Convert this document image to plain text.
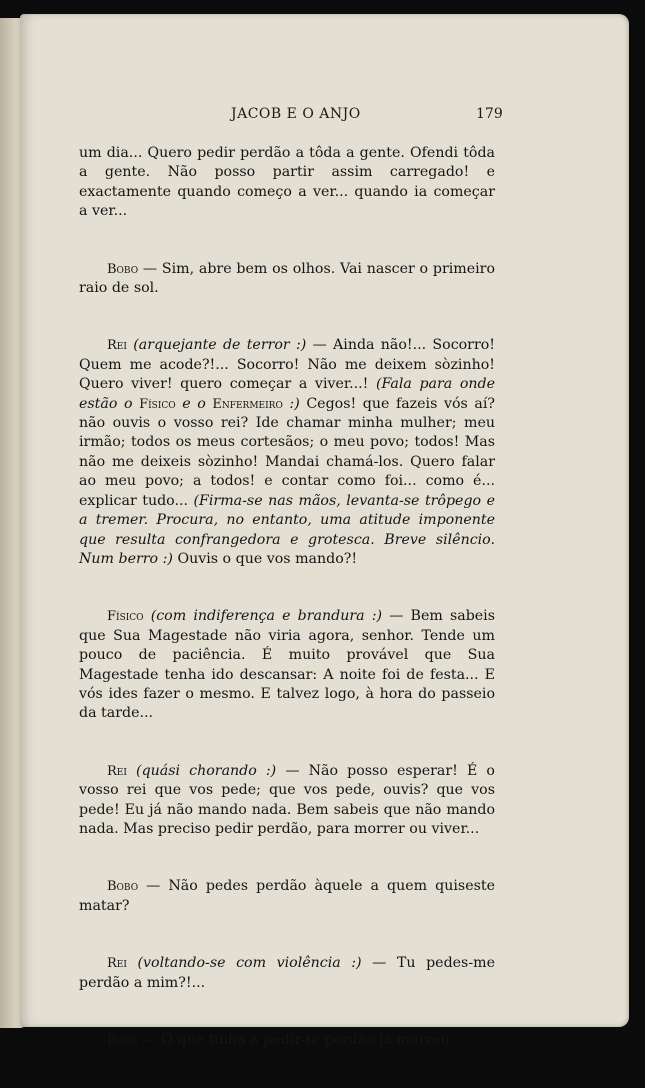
JACOB E O ANJO	179

um dia... Quero pedir perdão a tôda a gente. Ofendi tôda a gente. Não posso partir assim carregado! e exactamente quando começo a ver... quando ia começar a ver...

Bobo — Sim, abre bem os olhos. Vai nascer o primeiro raio de sol.

Rei (arquejante de terror :) — Ainda não!... Socorro! Quem me acode?!... Socorro! Não me deixem sòzinho! Quero viver! quero começar a viver...! (Fala para onde estão o Físico e o Enfermeiro :) Cegos! que fazeis vós aí? não ouvis o vosso rei? Ide chamar minha mulher; meu irmão; todos os meus cortesãos; o meu povo; todos! Mas não me deixeis sòzinho! Mandai chamá-los. Quero falar ao meu povo; a todos! e contar como foi... como é... explicar tudo... (Firma-se nas mãos, levanta-se trôpego e a tremer. Procura, no entanto, uma atitude imponente que resulta confrangedora e grotesca. Breve silêncio. Num berro :) Ouvis o que vos mando?!

Físico (com indiferença e brandura :) — Bem sabeis que Sua Magestade não viria agora, senhor. Tende um pouco de paciência. É muito provável que Sua Magestade tenha ido descansar: A noite foi de festa... E vós ides fazer o mesmo. E talvez logo, à hora do passeio da tarde...

Rei (quási chorando :) — Não posso esperar! É o vosso rei que vos pede; que vos pede, ouvis? que vos pede! Eu já não mando nada. Bem sabeis que não mando nada. Mas preciso pedir perdão, para morrer ou viver...

Bobo — Não pedes perdão àquele a quem quiseste matar?

Rei (voltando-se com violência :) — Tu pedes-me perdão a mim?!...

Bobo — O que tinha a pedir-te perdão já morreu.
